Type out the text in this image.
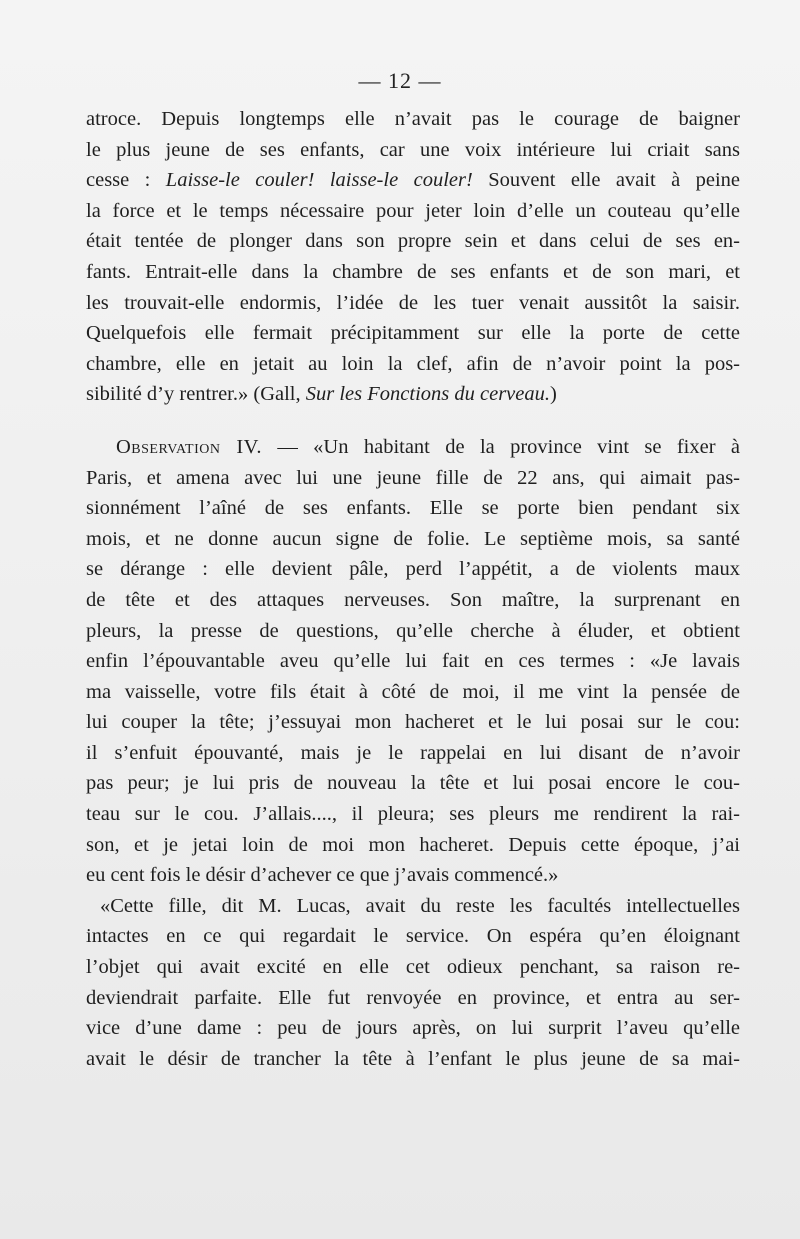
— 12 —
atroce. Depuis longtemps elle n’avait pas le courage de baigner
le plus jeune de ses enfants, car une voix intérieure lui criait sans
cesse : Laisse-le couler! laisse-le couler! Souvent elle avait à peine
la force et le temps nécessaire pour jeter loin d’elle un couteau qu’elle
était tentée de plonger dans son propre sein et dans celui de ses en-
fants. Entrait-elle dans la chambre de ses enfants et de son mari, et
les trouvait-elle endormis, l’idée de les tuer venait aussitôt la saisir.
Quelquefois elle fermait précipitamment sur elle la porte de cette
chambre, elle en jetait au loin la clef, afin de n’avoir point la pos-
sibilité d’y rentrer.» (Gall, Sur les Fonctions du cerveau.)
Observation IV. — «Un habitant de la province vint se fixer à
Paris, et amena avec lui une jeune fille de 22 ans, qui aimait pas-
sionnément l’aîné de ses enfants. Elle se porte bien pendant six
mois, et ne donne aucun signe de folie. Le septième mois, sa santé
se dérange : elle devient pâle, perd l’appétit, a de violents maux
de tête et des attaques nerveuses. Son maître, la surprenant en
pleurs, la presse de questions, qu’elle cherche à éluder, et obtient
enfin l’épouvantable aveu qu’elle lui fait en ces termes : «Je lavais
ma vaisselle, votre fils était à côté de moi, il me vint la pensée de
lui couper la tête; j’essuyai mon hacheret et le lui posai sur le cou:
il s’enfuit épouvanté, mais je le rappelai en lui disant de n’avoir
pas peur; je lui pris de nouveau la tête et lui posai encore le cou-
teau sur le cou. J’allais...., il pleura; ses pleurs me rendirent la rai-
son, et je jetai loin de moi mon hacheret. Depuis cette époque, j’ai
eu cent fois le désir d’achever ce que j’avais commencé.»
«Cette fille, dit M. Lucas, avait du reste les facultés intellectuelles
intactes en ce qui regardait le service. On espéra qu’en éloignant
l’objet qui avait excité en elle cet odieux penchant, sa raison re-
deviendrait parfaite. Elle fut renvoyée en province, et entra au ser-
vice d’une dame : peu de jours après, on lui surprit l’aveu qu’elle
avait le désir de trancher la tête à l’enfant le plus jeune de sa mai-
